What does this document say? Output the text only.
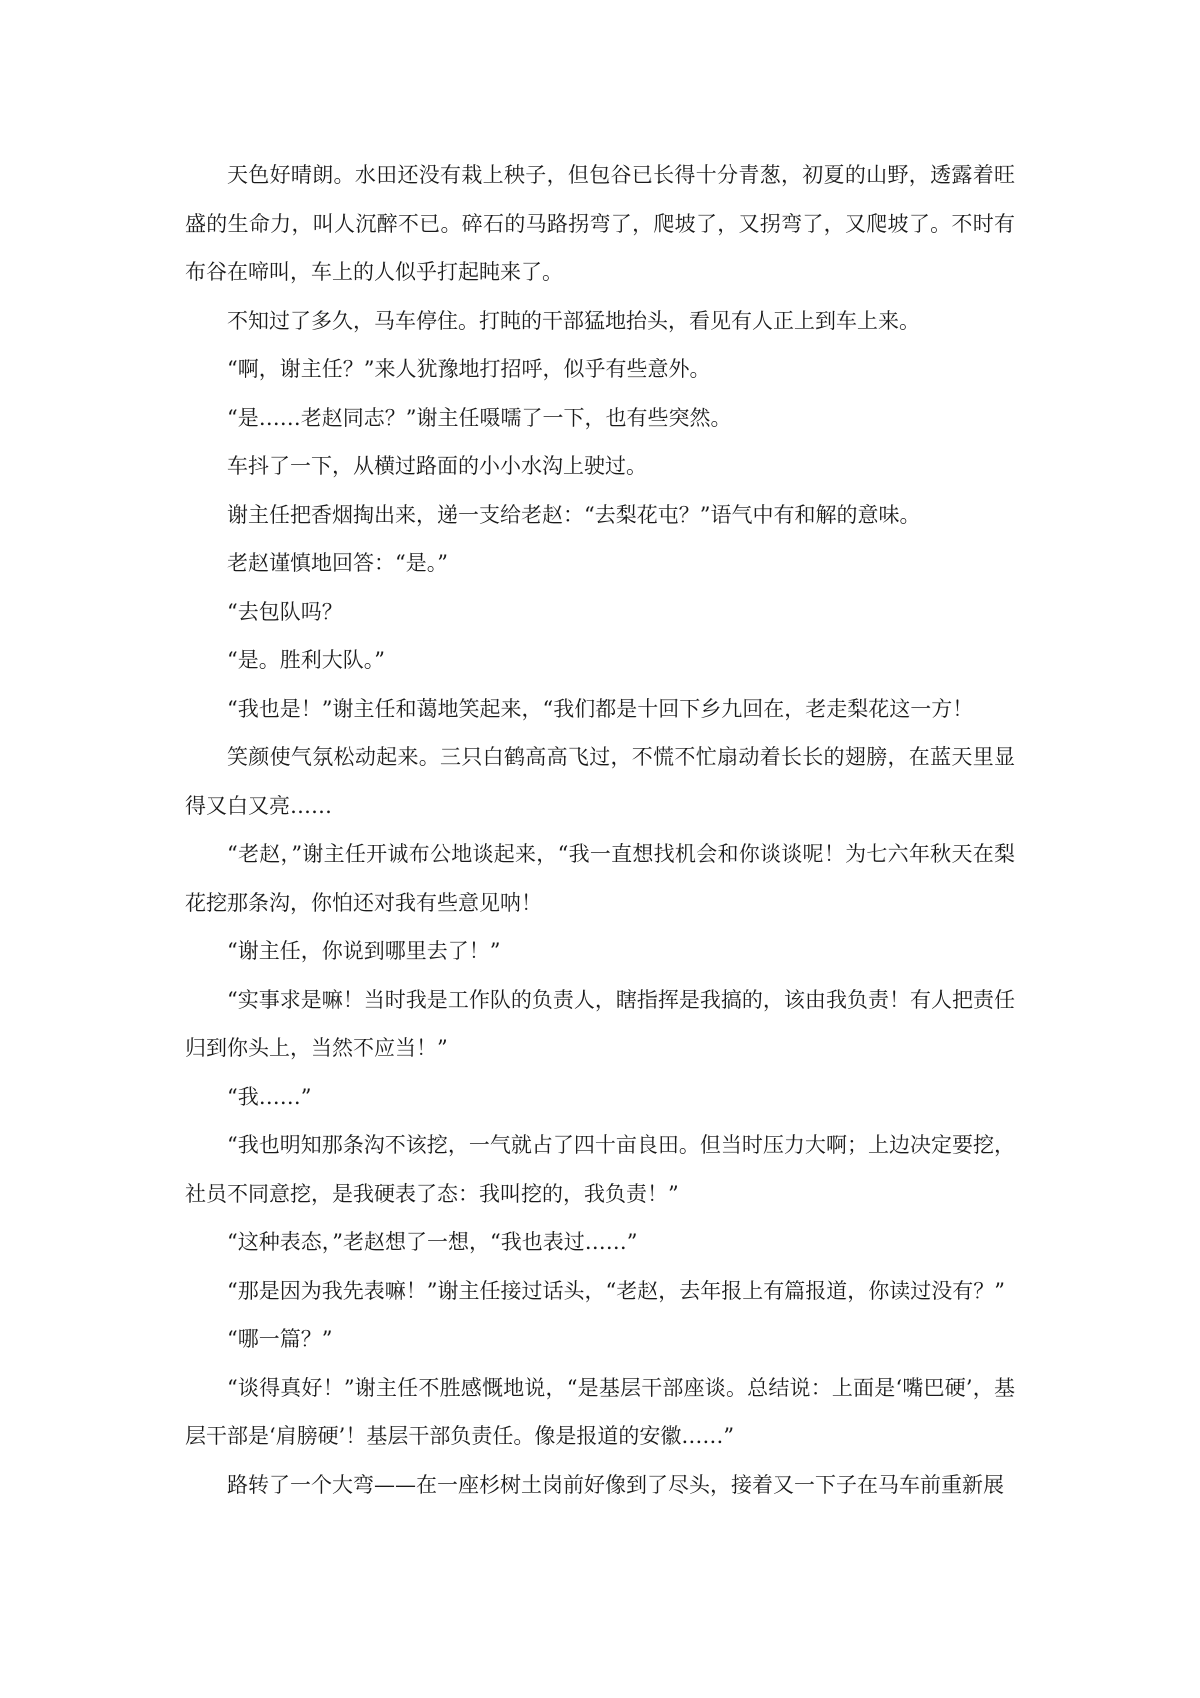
天色好晴朗。水田还没有栽上秧子，但包谷已长得十分青葱，初夏的山野，透露着旺盛的生命力，叫人沉醉不已。碎石的马路拐弯了，爬坡了，又拐弯了，又爬坡了。不时有布谷在啼叫，车上的人似乎打起盹来了。

不知过了多久，马车停住。打盹的干部猛地抬头，看见有人正上到车上来。

“啊，谢主任？”来人犹豫地打招呼，似乎有些意外。

“是……老赵同志？”谢主任嗫嚅了一下，也有些突然。

车抖了一下，从横过路面的小小水沟上驶过。

谢主任把香烟掏出来，递一支给老赵：“去梨花屯？”语气中有和解的意味。

老赵谨慎地回答：“是。”

“去包队吗？

“是。胜利大队。”

“我也是！”谢主任和蔼地笑起来，“我们都是十回下乡九回在，老走梨花这一方！

笑颜使气氛松动起来。三只白鹤高高飞过，不慌不忙扇动着长长的翅膀，在蓝天里显得又白又亮……

“老赵，”谢主任开诚布公地谈起来，“我一直想找机会和你谈谈呢！为七六年秋天在梨花挖那条沟，你怕还对我有些意见呐！

“谢主任，你说到哪里去了！”

“实事求是嘛！当时我是工作队的负责人，瞎指挥是我搞的，该由我负责！有人把责任归到你头上，当然不应当！”

“我……”

“我也明知那条沟不该挖，一气就占了四十亩良田。但当时压力大啊；上边决定要挖，社员不同意挖，是我硬表了态：我叫挖的，我负责！”

“这种表态，”老赵想了一想，“我也表过……”

“那是因为我先表嘛！”谢主任接过话头，“老赵，去年报上有篇报道，你读过没有？”

“哪一篇？”

“谈得真好！”谢主任不胜感慨地说，“是基层干部座谈。总结说：上面是‘嘴巴硬’，基层干部是‘肩膀硬’！基层干部负责任。像是报道的安徽……”

路转了一个大弯——在一座杉树土岗前好像到了尽头，接着又一下子在马车前重新展
